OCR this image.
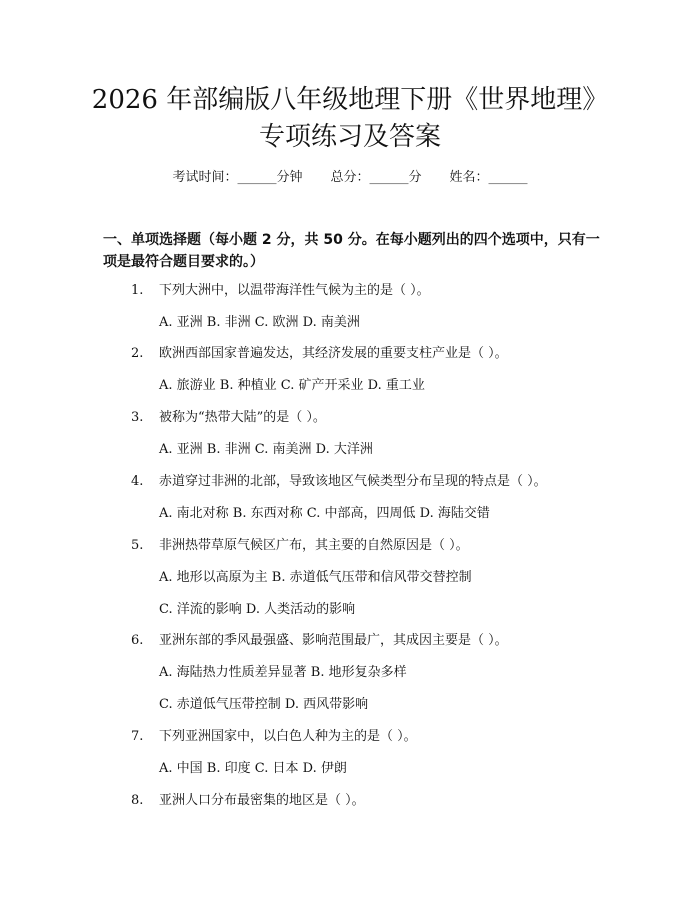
2026 年部编版八年级地理下册《世界地理》
专项练习及答案
考试时间：______分钟 总分：______分 姓名：______
一、单项选择题（每小题 2 分，共 50 分。在每小题列出的四个选项中，只有一项是最符合题目要求的。）
1. 下列大洲中，以温带海洋性气候为主的是（ ）。
A. 亚洲 B. 非洲 C. 欧洲 D. 南美洲
2. 欧洲西部国家普遍发达，其经济发展的重要支柱产业是（ ）。
A. 旅游业 B. 种植业 C. 矿产开采业 D. 重工业
3. 被称为“热带大陆”的是（ ）。
A. 亚洲 B. 非洲 C. 南美洲 D. 大洋洲
4. 赤道穿过非洲的北部，导致该地区气候类型分布呈现的特点是（ ）。
A. 南北对称 B. 东西对称 C. 中部高，四周低 D. 海陆交错
5. 非洲热带草原气候区广布，其主要的自然原因是（ ）。
A. 地形以高原为主 B. 赤道低气压带和信风带交替控制
C. 洋流的影响 D. 人类活动的影响
6. 亚洲东部的季风最强盛、影响范围最广，其成因主要是（ ）。
A. 海陆热力性质差异显著 B. 地形复杂多样
C. 赤道低气压带控制 D. 西风带影响
7. 下列亚洲国家中，以白色人种为主的是（ ）。
A. 中国 B. 印度 C. 日本 D. 伊朗
8. 亚洲人口分布最密集的地区是（ ）。
